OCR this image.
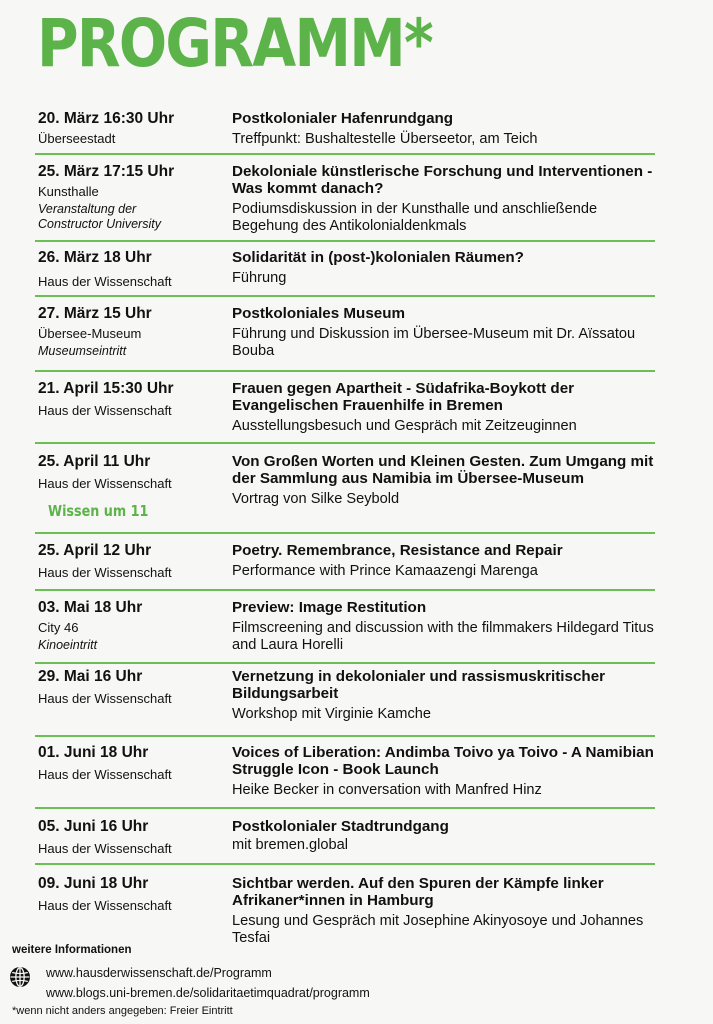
PROGRAMM*
20. März 16:30 Uhr
Überseestadt
Postkolonialer Hafenrundgang
Treffpunkt: Bushaltestelle Überseetor, am Teich
25. März 17:15 Uhr
Kunsthalle
Veranstaltung der Constructor University
Dekoloniale künstlerische Forschung und Interventionen - Was kommt danach?
Podiumsdiskussion in der Kunsthalle und anschließende Begehung des Antikolonialdenkmals
26. März 18 Uhr
Haus der Wissenschaft
Solidarität in (post-)kolonialen Räumen?
Führung
27. März 15 Uhr
Übersee-Museum
Museumseintritt
Postkoloniales Museum
Führung und Diskussion im Übersee-Museum mit Dr. Aïssatou Bouba
21. April 15:30 Uhr
Haus der Wissenschaft
Frauen gegen Apartheit - Südafrika-Boykott der Evangelischen Frauenhilfe in Bremen
Ausstellungsbesuch und Gespräch mit Zeitzeuginnen
25. April 11 Uhr
Haus der Wissenschaft
Wissen um 11
Von Großen Worten und Kleinen Gesten. Zum Umgang mit der Sammlung aus Namibia im Übersee-Museum
Vortrag von Silke Seybold
25. April 12 Uhr
Haus der Wissenschaft
Poetry. Remembrance, Resistance and Repair
Performance with Prince Kamaazengi Marenga
03. Mai 18 Uhr
City 46
Kinoeintritt
Preview: Image Restitution
Filmscreening and discussion with the filmmakers Hildegard Titus and Laura Horelli
29. Mai 16 Uhr
Haus der Wissenschaft
Vernetzung in dekolonialer und rassismuskritischer Bildungsarbeit
Workshop mit Virginie Kamche
01. Juni 18 Uhr
Haus der Wissenschaft
Voices of Liberation: Andimba Toivo ya Toivo - A Namibian Struggle Icon - Book Launch
Heike Becker in conversation with Manfred Hinz
05. Juni 16 Uhr
Haus der Wissenschaft
Postkolonialer Stadtrundgang
mit bremen.global
09. Juni 18 Uhr
Haus der Wissenschaft
Sichtbar werden. Auf den Spuren der Kämpfe linker Afrikaner*innen in Hamburg
Lesung und Gespräch mit Josephine Akinyosoye und Johannes Tesfai
weitere Informationen
www.hausderwissenschaft.de/Programm
www.blogs.uni-bremen.de/solidaritaetimquadrat/programm
*wenn nicht anders angegeben: Freier Eintritt
